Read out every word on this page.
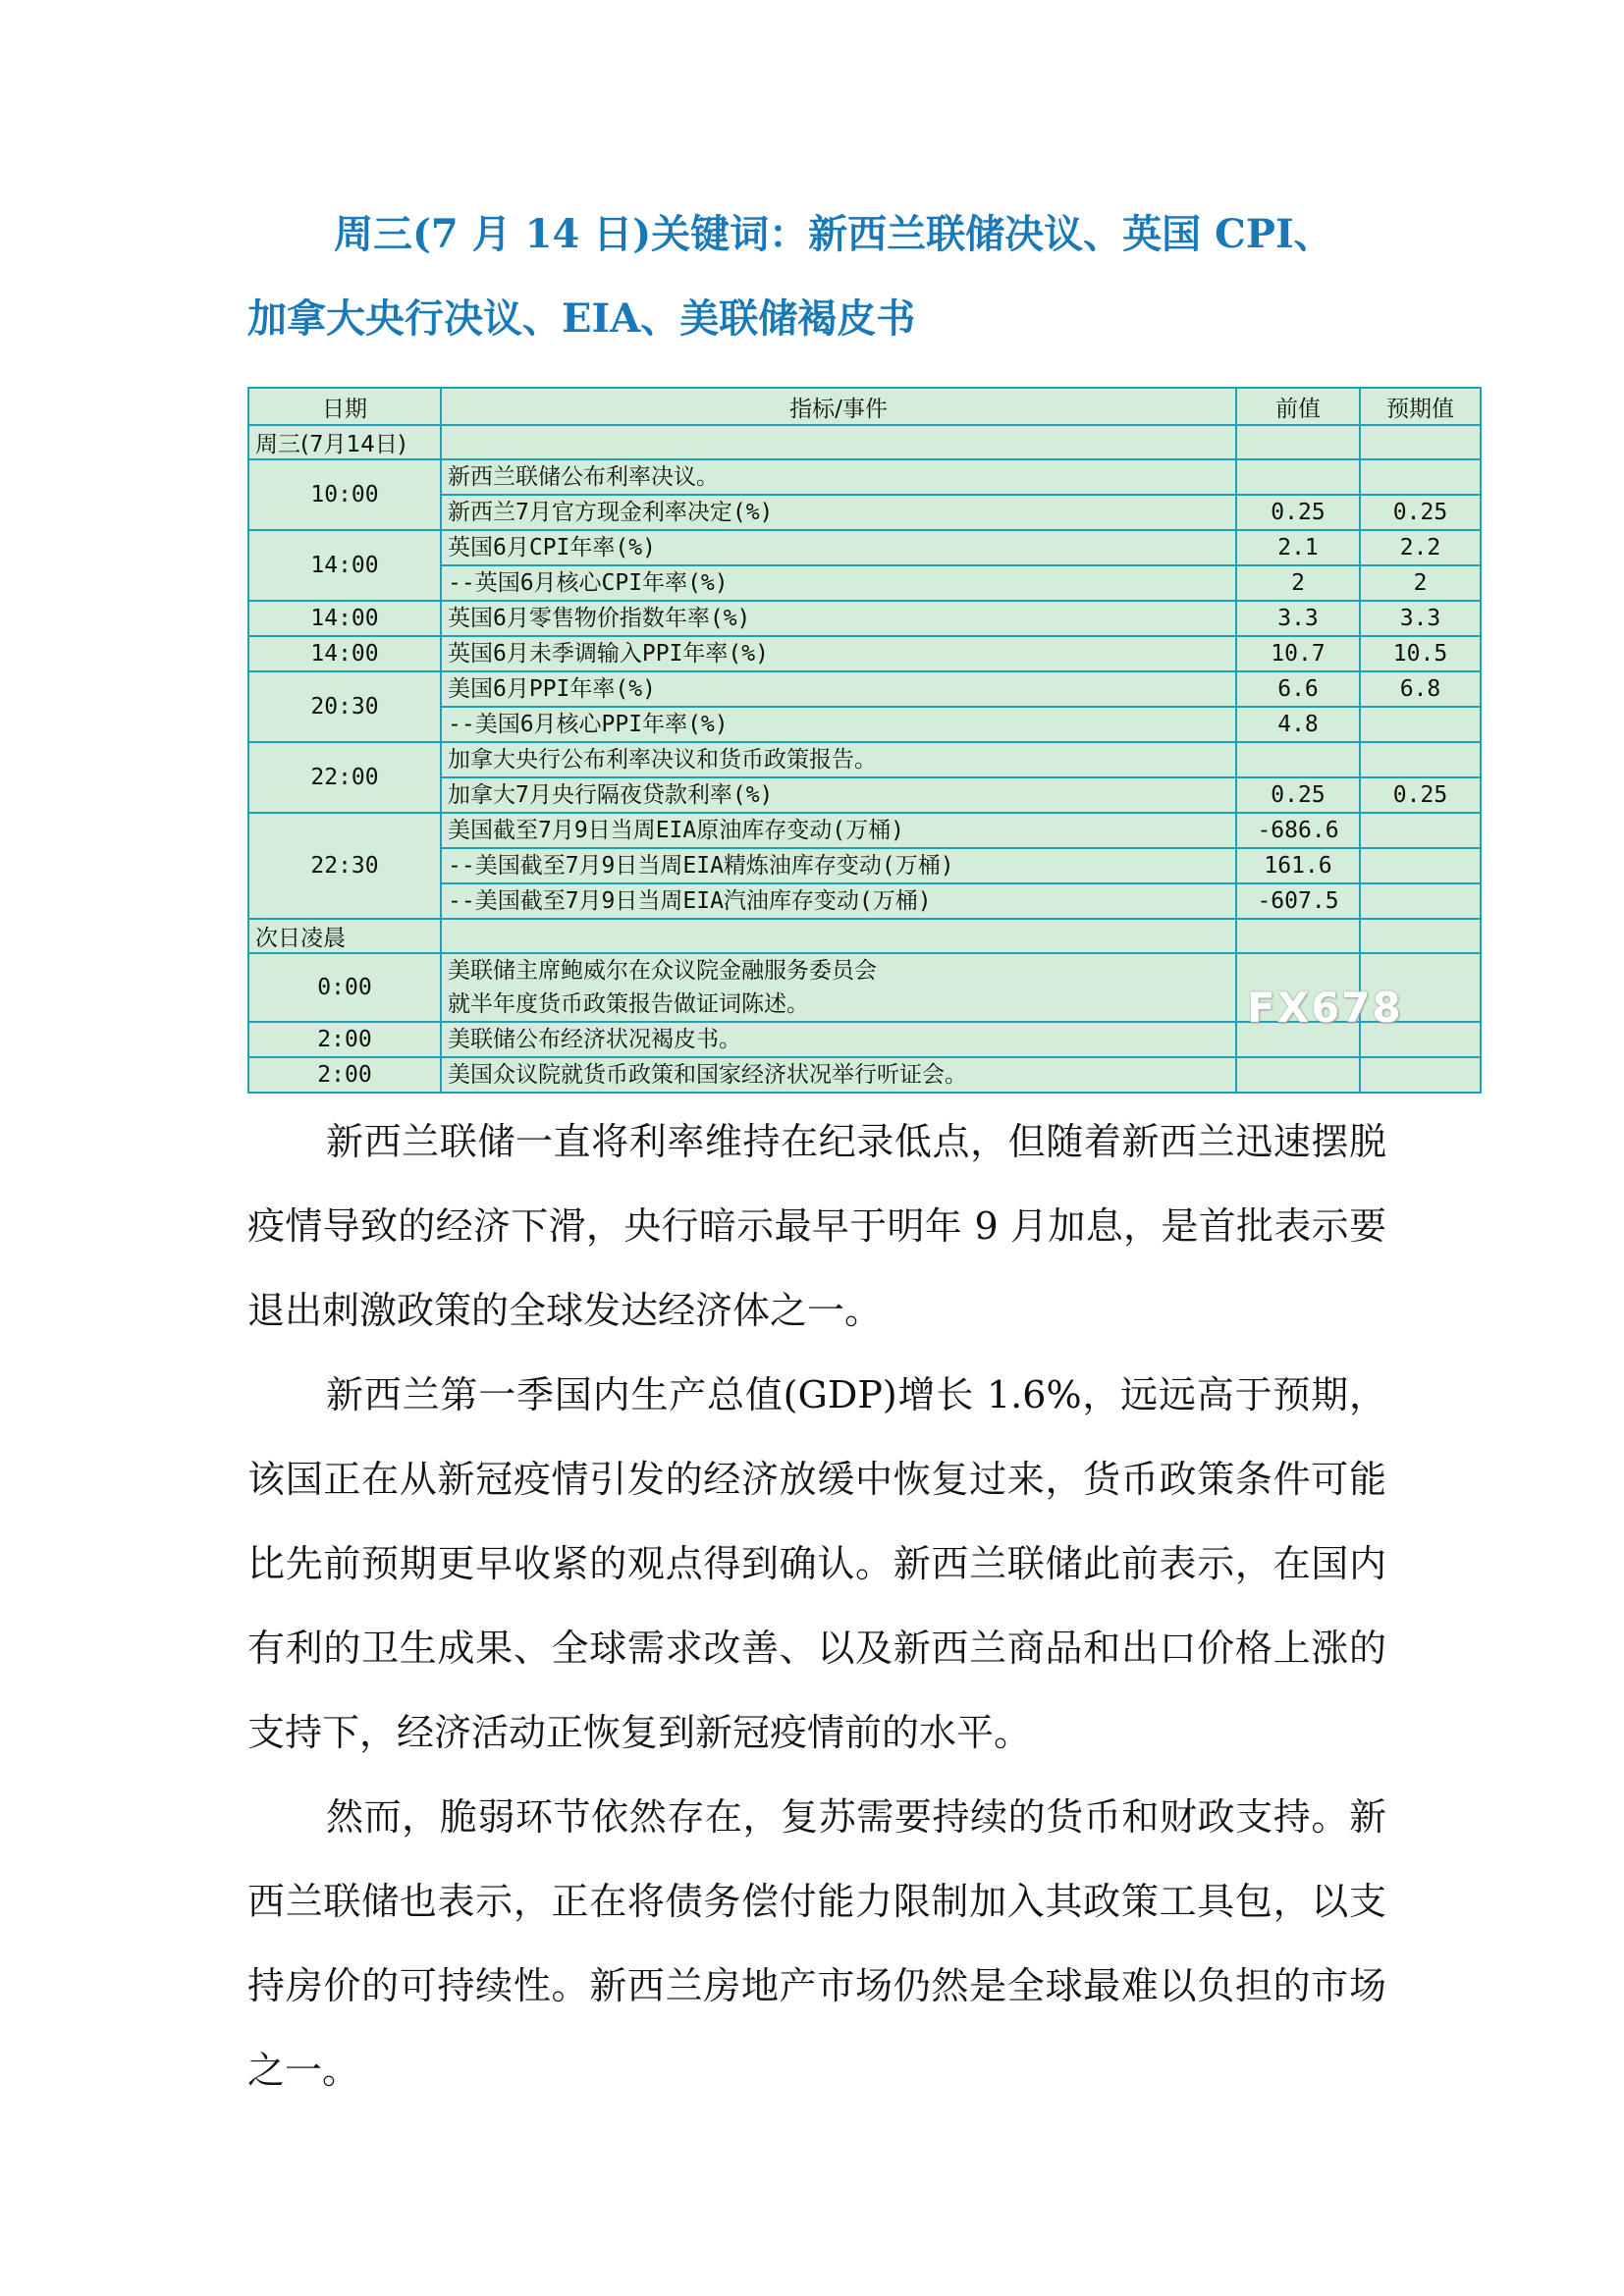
周三(7 月 14 日)关键词：新西兰联储决议、英国 CPI、
加拿大央行决议、EIA、美联储褐皮书
日期	指标/事件	前值	预期值
周三(7月14日)			
10:00	新西兰联储公布利率决议。		
	新西兰7月官方现金利率决定(%)	0.25	0.25
14:00	英国6月CPI年率(%)	2.1	2.2
	--英国6月核心CPI年率(%)	2	2
14:00	英国6月零售物价指数年率(%)	3.3	3.3
14:00	英国6月未季调输入PPI年率(%)	10.7	10.5
20:30	美国6月PPI年率(%)	6.6	6.8
	--美国6月核心PPI年率(%)	4.8	
22:00	加拿大央行公布利率决议和货币政策报告。		
	加拿大7月央行隔夜贷款利率(%)	0.25	0.25
22:30	美国截至7月9日当周EIA原油库存变动(万桶)	-686.6	
	--美国截至7月9日当周EIA精炼油库存变动(万桶)	161.6	
	--美国截至7月9日当周EIA汽油库存变动(万桶)	-607.5	
次日凌晨			
0:00	美联储主席鲍威尔在众议院金融服务委员会
就半年度货币政策报告做证词陈述。		

2:00	美联储公布经济状况褐皮书。		

2:00	美国众议院就货币政策和国家经济状况举行听证会。		

FX678

新西兰联储一直将利率维持在纪录低点，但随着新西兰迅速摆脱疫情导致的经济下滑，央行暗示最早于明年 9 月加息，是首批表示要退出刺激政策的全球发达经济体之一。

新西兰第一季国内生产总值(GDP)增长 1.6%，远远高于预期，该国正在从新冠疫情引发的经济放缓中恢复过来，货币政策条件可能比先前预期更早收紧的观点得到确认。新西兰联储此前表示，在国内有利的卫生成果、全球需求改善、以及新西兰商品和出口价格上涨的支持下，经济活动正恢复到新冠疫情前的水平。

然而，脆弱环节依然存在，复苏需要持续的货币和财政支持。新西兰联储也表示，正在将债务偿付能力限制加入其政策工具包，以支持房价的可持续性。新西兰房地产市场仍然是全球最难以负担的市场之一。
